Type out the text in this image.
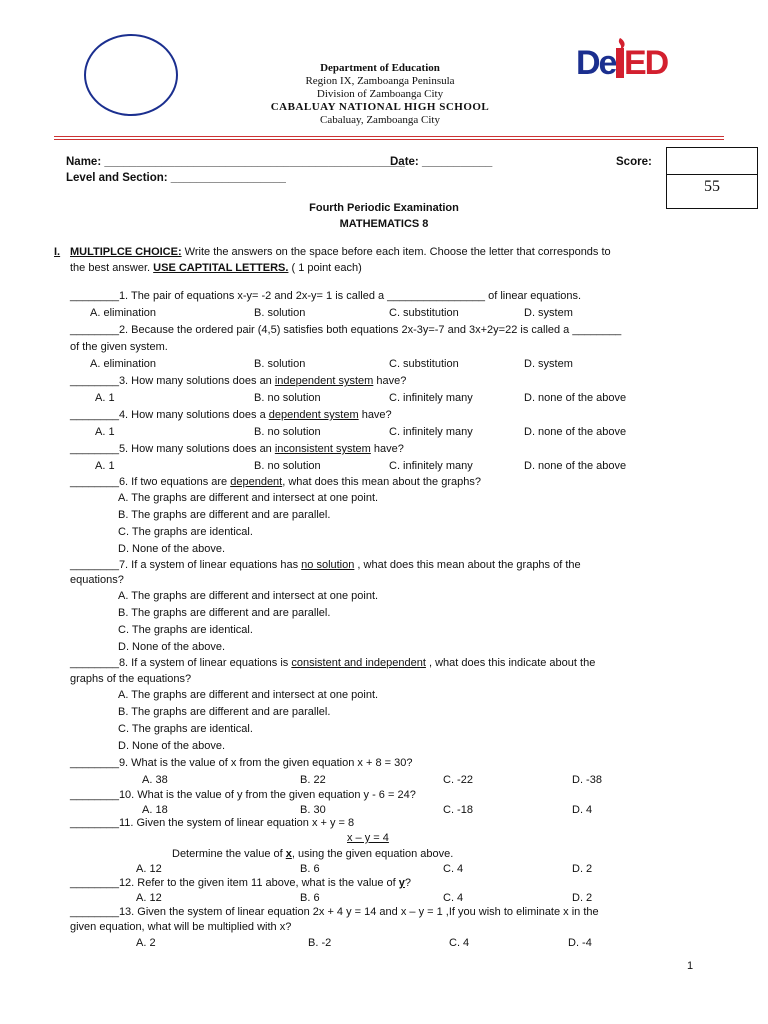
Department of Education
Region IX, Zamboanga Peninsula
Division of Zamboanga City
CABALUAY NATIONAL HIGH SCHOOL
Cabaluay, Zamboanga City
De ED
Name: _______________________________________________
Date: ___________	Score:
Level and Section: __________________	55
Fourth Periodic Examination
MATHEMATICS 8
I. MULTIPLCE CHOICE: Write the answers on the space before each item. Choose the letter that corresponds to
the best answer. USE CAPTITAL LETTERS. ( 1 point each)
________1. The pair of equations x-y= -2 and 2x-y= 1 is called a ________________ of linear equations.
A. elimination	B. solution	C. substitution	D. system
________2. Because the ordered pair (4,5) satisfies both equations 2x-3y=-7 and 3x+2y=22 is called a ________
of the given system.
A. elimination	B. solution	C. substitution	D. system
________3. How many solutions does an independent system have?
A. 1	B. no solution	C. infinitely many	D. none of the above
________4. How many solutions does a dependent system have?
A. 1	B. no solution	C. infinitely many	D. none of the above
________5. How many solutions does an inconsistent system have?
A. 1	B. no solution	C. infinitely many	D. none of the above
________6. If two equations are dependent, what does this mean about the graphs?
A. The graphs are different and intersect at one point.
B. The graphs are different and are parallel.
C. The graphs are identical.
D. None of the above.
________7. If a system of linear equations has no solution , what does this mean about the graphs of the
equations?
A. The graphs are different and intersect at one point.
B. The graphs are different and are parallel.
C. The graphs are identical.
D. None of the above.
________8. If a system of linear equations is consistent and independent , what does this indicate about the
graphs of the equations?
A. The graphs are different and intersect at one point.
B. The graphs are different and are parallel.
C. The graphs are identical.
D. None of the above.
________9. What is the value of x from the given equation x + 8 = 30?
A. 38	B. 22	C. -22	D. -38
________10. What is the value of y from the given equation y - 6 = 24?
A. 18	B. 30	C. -18	D. 4
________11. Given the system of linear equation x + y = 8
x – y = 4
Determine the value of x, using the given equation above.
A. 12	B. 6	C. 4	D. 2
________12. Refer to the given item 11 above, what is the value of y?
A. 12	B. 6	C. 4	D. 2
________13. Given the system of linear equation 2x + 4 y = 14 and x – y = 1 ,If you wish to eliminate x in the
given equation, what will be multiplied with x?
A. 2	B. -2	C. 4	D. -4
1
